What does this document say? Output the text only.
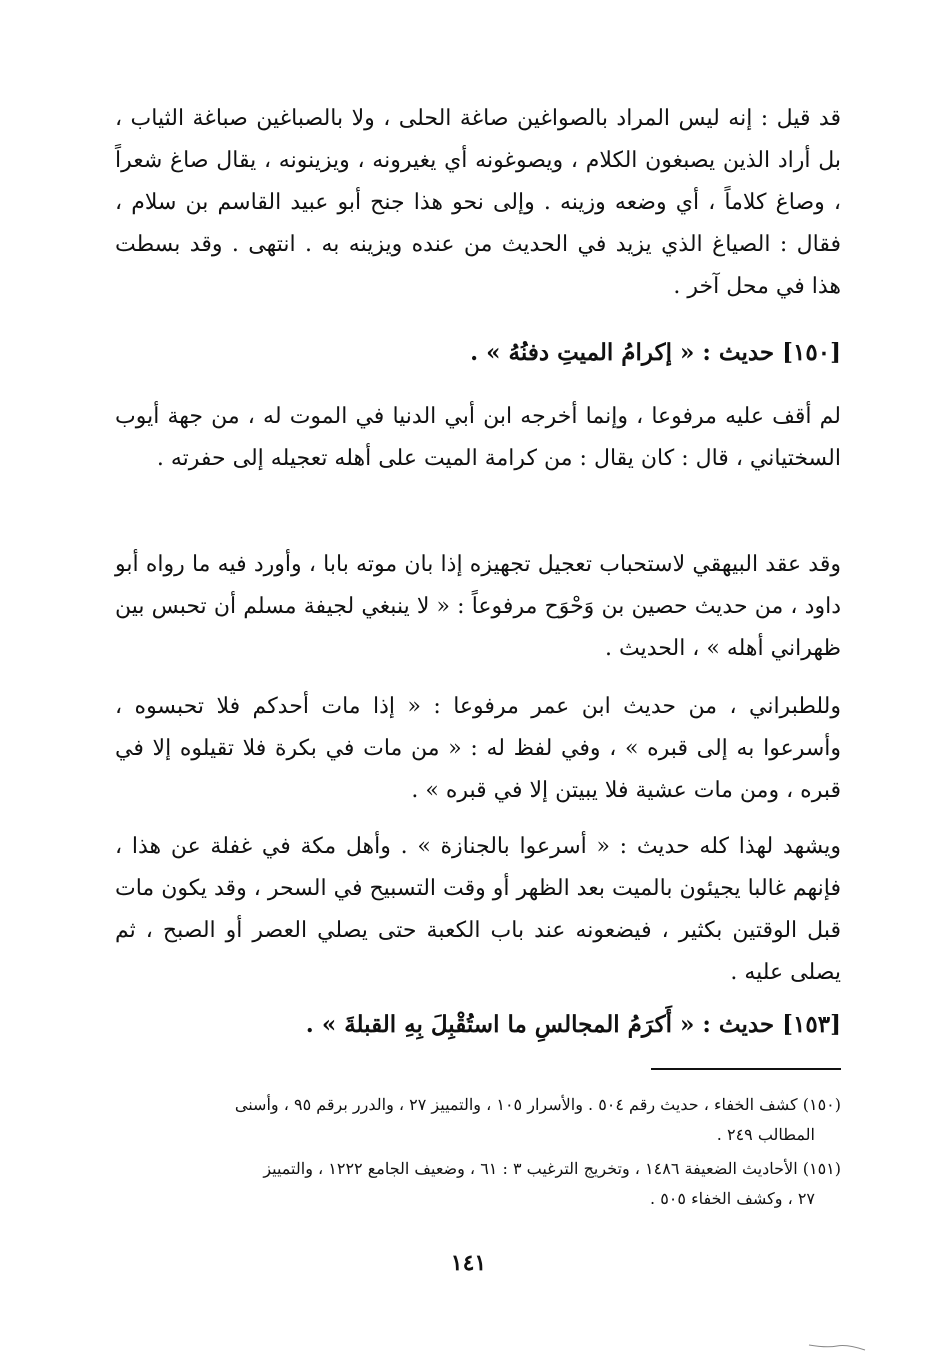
قد قيل : إنه ليس المراد بالصواغين صاغة الحلى ، ولا بالصباغين صباغة الثياب ، بل أراد الذين يصبغون الكلام ، ويصوغونه أي يغيرونه ، ويزينونه ، يقال صاغ شعراً ، وصاغ كلاماً ، أي وضعه وزينه . وإلى نحو هذا جنح أبو عبيد القاسم بن سلام ، فقال : الصياغ الذي يزيد في الحديث من عنده ويزينه به . انتهى . وقد بسطت هذا في محل آخر .

[١٥٠] حديث : « إكرامُ الميتِ دفنُهُ » .

لم أقف عليه مرفوعا ، وإنما أخرجه ابن أبي الدنيا في الموت له ، من جهة أيوب السختياني ، قال : كان يقال : من كرامة الميت على أهله تعجيله إلى حفرته .

وقد عقد البيهقي لاستحباب تعجيل تجهيزه إذا بان موته بابا ، وأورد فيه ما رواه أبو داود ، من حديث حصين بن وَحْوَح مرفوعاً : « لا ينبغي لجيفة مسلم أن تحبس بين ظهراني أهله » ، الحديث .

وللطبراني ، من حديث ابن عمر مرفوعا : « إذا مات أحدكم فلا تحبسوه ، وأسرعوا به إلى قبره » ، وفي لفظ له : « من مات في بكرة فلا تقيلوه إلا في قبره ، ومن مات عشية فلا يبيتن إلا في قبره » .

ويشهد لهذا كله حديث : « أسرعوا بالجنازة » . وأهل مكة في غفلة عن هذا ، فإنهم غالبا يجيئون بالميت بعد الظهر أو وقت التسبيح في السحر ، وقد يكون مات قبل الوقتين بكثير ، فيضعونه عند باب الكعبة حتى يصلي العصر أو الصبح ، ثم يصلى عليه .

[١٥٣] حديث : « أَكرَمُ المجالسِ ما استُقْبِلَ بِهِ القبلةَ » .
(١٥٠) كشف الخفاء ، حديث رقم ٥٠٤ . والأسرار ١٠٥ ، والتمييز ٢٧ ، والدرر برقم ٩٥ ، وأسنى
المطالب ٢٤٩ .
(١٥١) الأحاديث الضعيفة ١٤٨٦ ، وتخريج الترغيب ٣ : ٦١ ، وضعيف الجامع ١٢٢٢ ، والتمييز
٢٧ ، وكشف الخفاء ٥٠٥ .
١٤١
